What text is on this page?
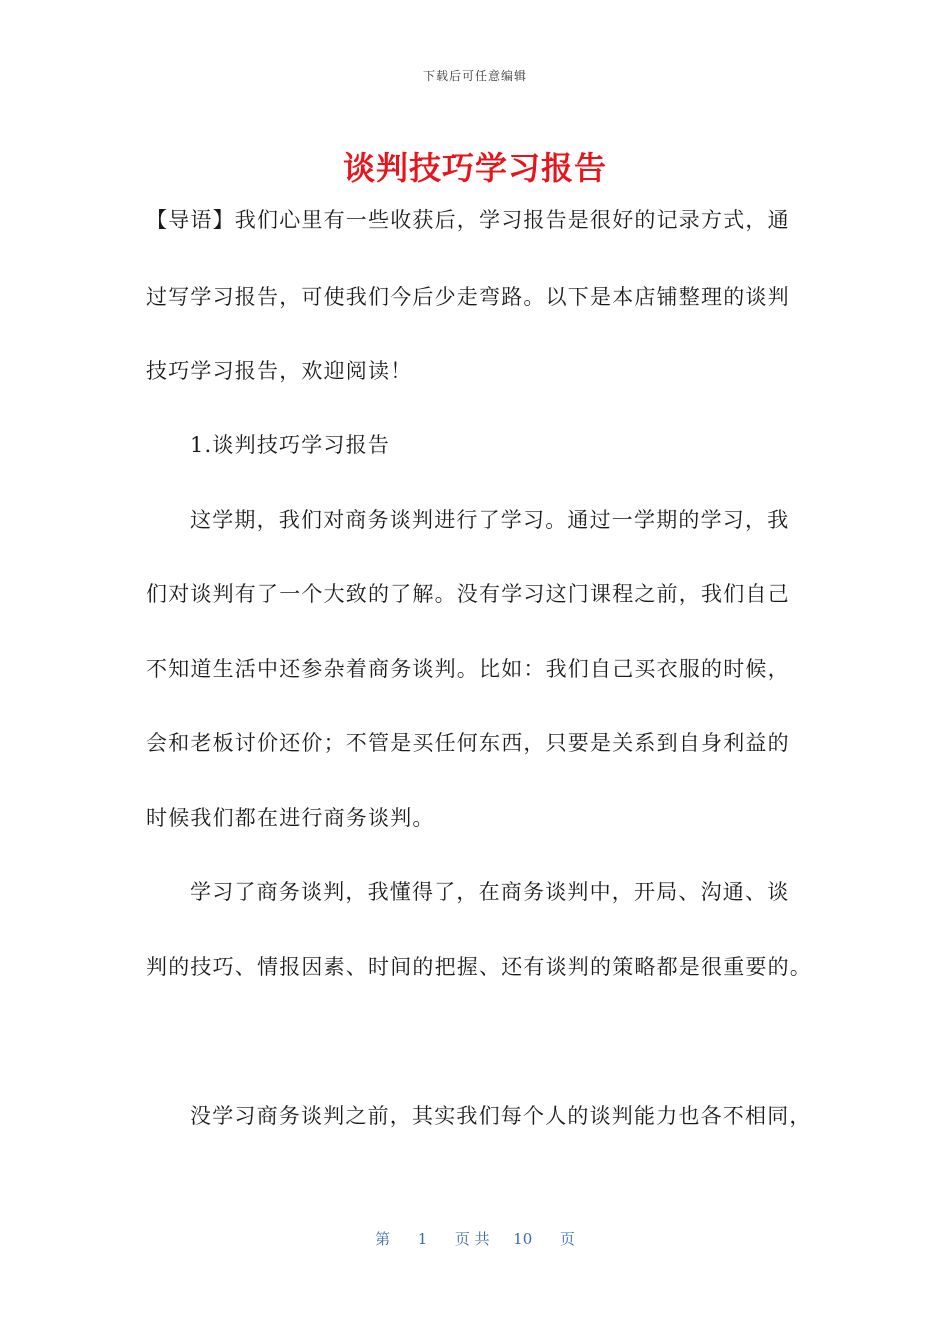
下载后可任意编辑
谈判技巧学习报告
【导语】我们心里有一些收获后，学习报告是很好的记录方式，通
过写学习报告，可使我们今后少走弯路。以下是本店铺整理的谈判
技巧学习报告，欢迎阅读！
1.谈判技巧学习报告
这学期，我们对商务谈判进行了学习。通过一学期的学习，我
们对谈判有了一个大致的了解。没有学习这门课程之前，我们自己
不知道生活中还参杂着商务谈判。比如：我们自己买衣服的时候，
会和老板讨价还价；不管是买任何东西，只要是关系到自身利益的
时候我们都在进行商务谈判。
学习了商务谈判，我懂得了，在商务谈判中，开局、沟通、谈
判的技巧、情报因素、时间的把握、还有谈判的策略都是很重要的。
没学习商务谈判之前，其实我们每个人的谈判能力也各不相同，
第 1 页 共 10 页
